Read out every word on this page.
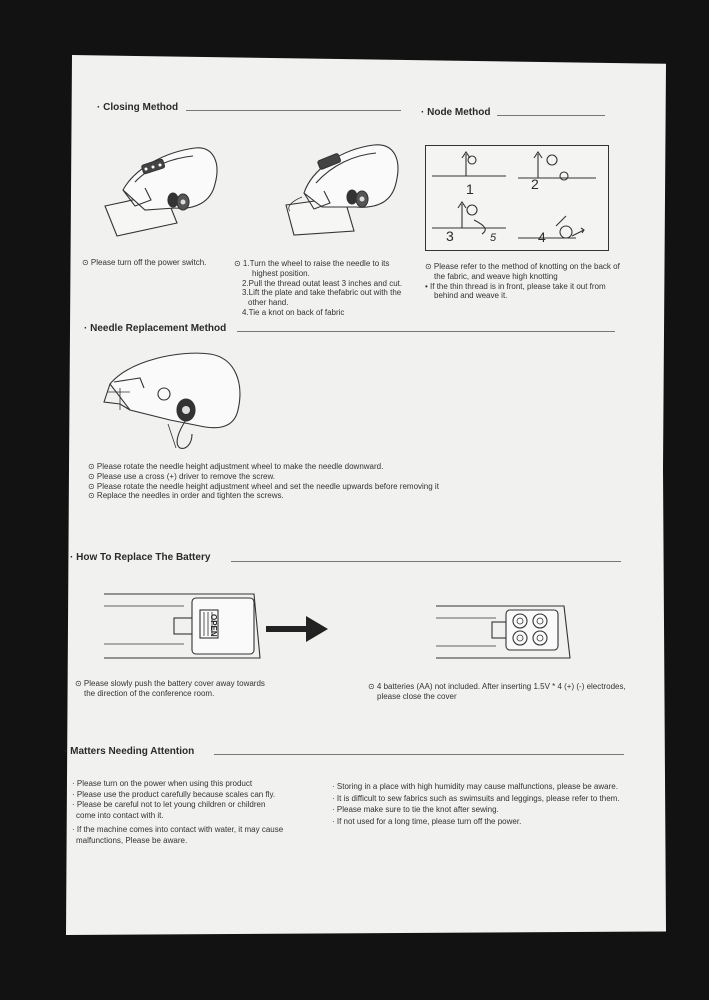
· Closing Method
⊙ Please turn off the power switch.	⊙ 1.Turn the wheel to raise the needle to its

highest position.

2.Pull the thread outat least 3 inches and cut.

3.Lift the plate and take thefabric out with the

other hand.

4.Tie a knot on back of fabric

· Node Method
1	2
3	5	4

⊙ Please refer to the method of knotting on the back of

the fabric, and weave high knotting

• If the thin thread is in front, please take it out from

behind and weave it.

· Needle Replacement Method

⊙ Please rotate the needle height adjustment wheel to make the needle downward.

⊙ Please use a cross (+) driver to remove the screw.

⊙ Please rotate the needle height adjustment wheel and set the needle upwards before removing it

⊙ Replace the needles in order and tighten the screws.

· How To Replace The Battery
OPEN

⊙ Please slowly push the battery cover away towards

the direction of the conference room.

⊙ 4 batteries (AA) not included. After inserting 1.5V * 4 (+) (-) electrodes,

please close the cover

· Matters Needing Attention

· Please turn on the power when using this product

· Please use the product carefully because scales can fly.

· Please be careful not to let young children or children

come into contact with it.

· If the machine comes into contact with water, it may cause

malfunctions, Please be aware.

· Storing in a place with high humidity may cause malfunctions, please be aware.

· It is difficult to sew fabrics such as swimsuits and leggings, please refer to them.

· Please make sure to tie the knot after sewing.

· If not used for a long time, please turn off the power.
